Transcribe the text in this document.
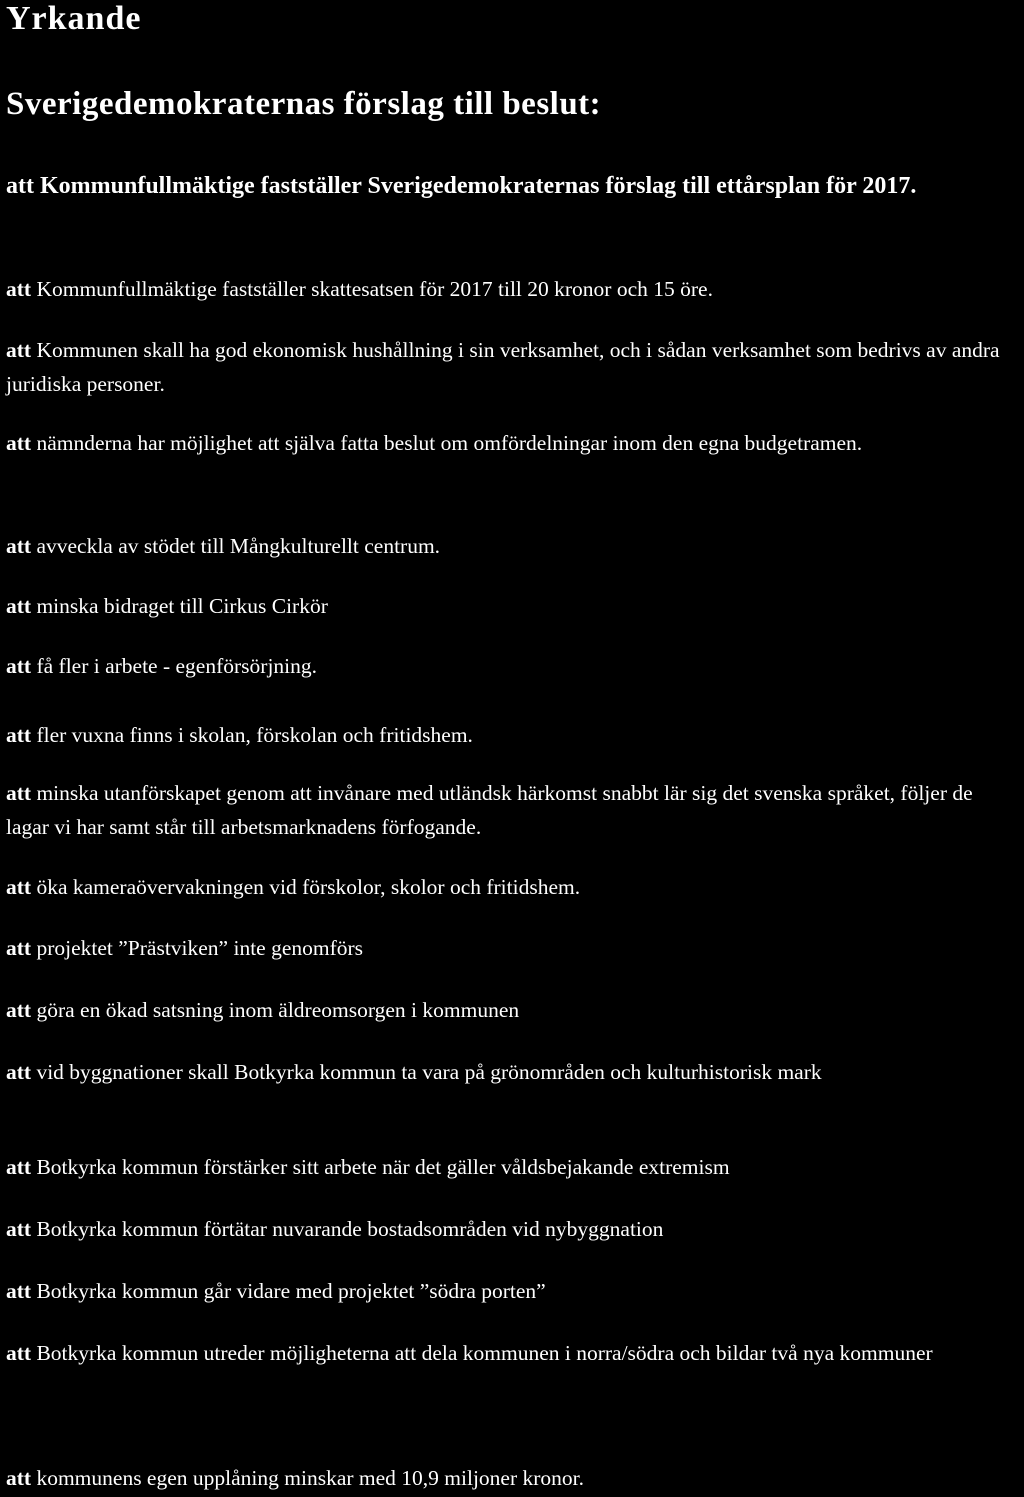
Yrkande
Sverigedemokraternas förslag till beslut:

att Kommunfullmäktige fastställer Sverigedemokraternas förslag till ettårsplan för 2017.

att Kommunfullmäktige fastställer skattesatsen för 2017 till 20 kronor och 15 öre.

att Kommunen skall ha god ekonomisk hushållning i sin verksamhet, och i sådan verksamhet som bedrivs av andra juridiska personer.

att nämnderna har möjlighet att själva fatta beslut om omfördelningar inom den egna budgetramen.

att avveckla av stödet till Mångkulturellt centrum.

att minska bidraget till Cirkus Cirkör

att få fler i arbete - egenförsörjning.

att fler vuxna finns i skolan, förskolan och fritidshem.

att minska utanförskapet genom att invånare med utländsk härkomst snabbt lär sig det svenska språket, följer de lagar vi har samt står till arbetsmarknadens förfogande.

att öka kameraövervakningen vid förskolor, skolor och fritidshem.

att projektet ”Prästviken” inte genomförs

att göra en ökad satsning inom äldreomsorgen i kommunen

att vid byggnationer skall Botkyrka kommun ta vara på grönområden och kulturhistorisk mark

att Botkyrka kommun förstärker sitt arbete när det gäller våldsbejakande extremism

att Botkyrka kommun förtätar nuvarande bostadsområden vid nybyggnation

att Botkyrka kommun går vidare med projektet ”södra porten”

att Botkyrka kommun utreder möjligheterna att dela kommunen i norra/södra och bildar två nya kommuner

att kommunens egen upplåning minskar med 10,9 miljoner kronor.
